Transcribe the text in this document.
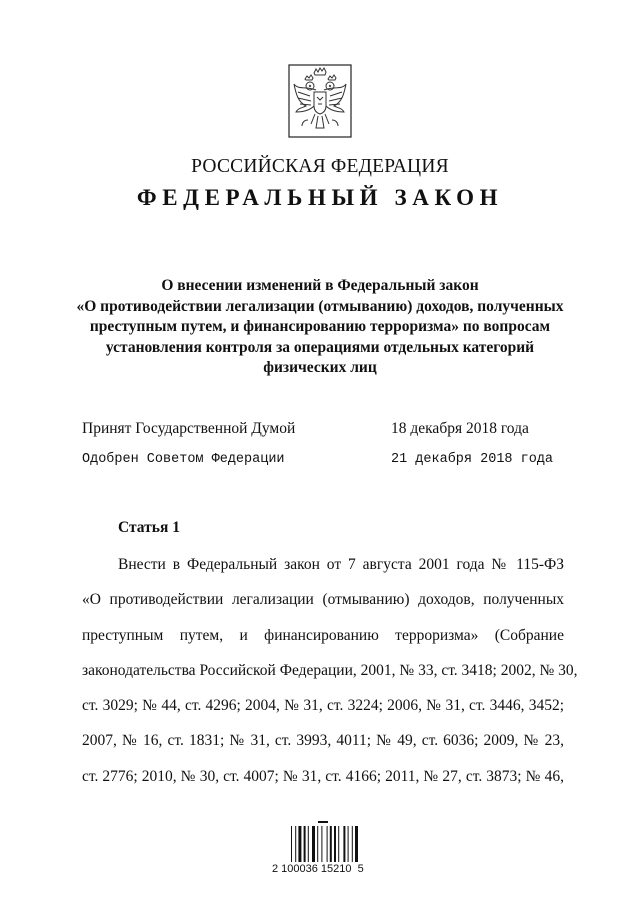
РОССИЙСКАЯ ФЕДЕРАЦИЯ
ФЕДЕРАЛЬНЫЙ ЗАКОН
О внесении изменений в Федеральный закон
«О противодействии легализации (отмыванию) доходов, полученных
преступным путем, и финансированию терроризма» по вопросам
установления контроля за операциями отдельных категорий
физических лиц
Принят Государственной Думой	18 декабря 2018 года
Одобрен Советом Федерации	21 декабря 2018 года
Статья 1
Внести в Федеральный закон от 7 августа 2001 года № 115-ФЗ
«О противодействии легализации (отмыванию) доходов, полученных
преступным путем, и финансированию терроризма» (Собрание
законодательства Российской Федерации, 2001, № 33, ст. 3418; 2002, № 30,
ст. 3029; № 44, ст. 4296; 2004, № 31, ст. 3224; 2006, № 31, ст. 3446, 3452;
2007, № 16, ст. 1831; № 31, ст. 3993, 4011; № 49, ст. 6036; 2009, № 23,
ст. 2776; 2010, № 30, ст. 4007; № 31, ст. 4166; 2011, № 27, ст. 3873; № 46,
2 100036 15210  5
